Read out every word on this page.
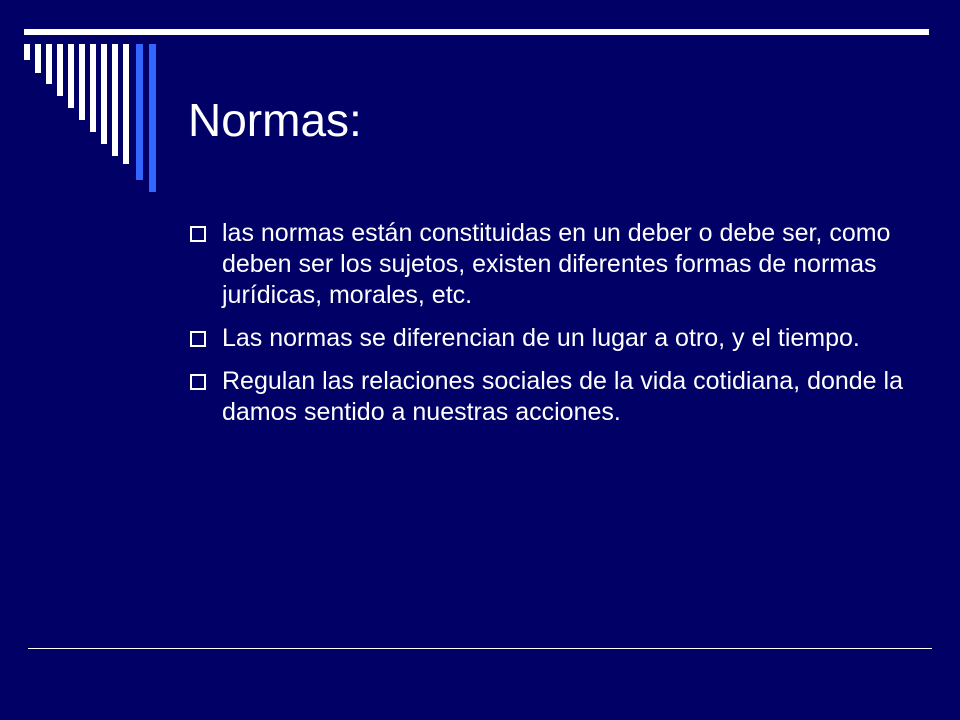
Normas:
las normas están constituidas en un deber o debe ser, como deben ser los sujetos, existen diferentes formas de normas jurídicas, morales, etc.
Las normas se diferencian de un lugar a otro, y el tiempo.
Regulan las relaciones sociales de la vida cotidiana, donde la damos sentido a nuestras acciones.
